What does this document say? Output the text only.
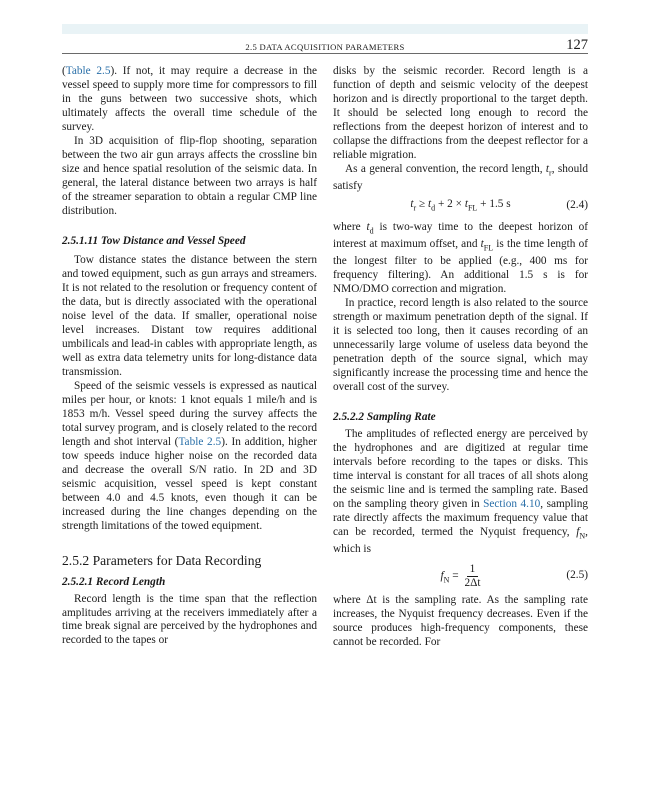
2.5 DATA ACQUISITION PARAMETERS	127

(Table 2.5). If not, it may require a decrease in the vessel speed to supply more time for compressors to fill in the guns between two successive shots, which ultimately affects the overall time schedule of the survey.

In 3D acquisition of flip-flop shooting, separation between the two air gun arrays affects the crossline bin size and hence spatial resolution of the seismic data. In general, the lateral distance between two arrays is half of the streamer separation to obtain a regular CMP line distribution.

2.5.1.11 Tow Distance and Vessel Speed

Tow distance states the distance between the stern and towed equipment, such as gun arrays and streamers. It is not related to the resolution or frequency content of the data, but is directly associated with the operational noise level of the data. If smaller, operational noise level increases. Distant tow requires additional umbilicals and lead-in cables with appropriate length, as well as extra data telemetry units for long-distance data transmission.

Speed of the seismic vessels is expressed as nautical miles per hour, or knots: 1 knot equals 1 mile/h and is 1853 m/h. Vessel speed during the survey affects the total survey program, and is closely related to the record length and shot interval (Table 2.5). In addition, higher tow speeds induce higher noise on the recorded data and decrease the overall S/N ratio. In 2D and 3D seismic acquisition, vessel speed is kept constant between 4.0 and 4.5 knots, even though it can be increased during the line changes depending on the strength limitations of the towed equipment.

2.5.2 Parameters for Data Recording
2.5.2.1 Record Length

Record length is the time span that the reflection amplitudes arriving at the receivers immediately after a time break signal are perceived by the hydrophones and recorded to the tapes or

disks by the seismic recorder. Record length is a function of depth and seismic velocity of the deepest horizon and is directly proportional to the target depth. It should be selected long enough to record the reflections from the deepest horizon of interest and to collapse the diffractions from the deepest reflector for a reliable migration.

As a general convention, the record length, $t_r$, should satisfy

$t_r \ge t_d + 2 \times t_{FL} + 1.5$ s	(2.4)

where $t_d$ is two-way time to the deepest horizon of interest at maximum offset, and $t_{FL}$ is the time length of the longest filter to be applied (e.g., 400 ms for frequency filtering). An additional 1.5 s is for NMO/DMO correction and migration.

In practice, record length is also related to the source strength or maximum penetration depth of the signal. If it is selected too long, then it causes recording of an unnecessarily large volume of useless data beyond the penetration depth of the source signal, which may significantly increase the processing time and hence the overall cost of the survey.

2.5.2.2 Sampling Rate

The amplitudes of reflected energy are perceived by the hydrophones and are digitized at regular time intervals before recording to the tapes or disks. This time interval is constant for all traces of all shots along the seismic line and is termed the sampling rate. Based on the sampling theory given in Section 4.10, sampling rate directly affects the maximum frequency value that can be recorded, termed the Nyquist frequency, $f_N$, which is

$f_N = \frac{1}{2\Delta t}$	(2.5)

where Δt is the sampling rate. As the sampling rate increases, the Nyquist frequency decreases. Even if the source produces high-frequency components, these cannot be recorded. For
